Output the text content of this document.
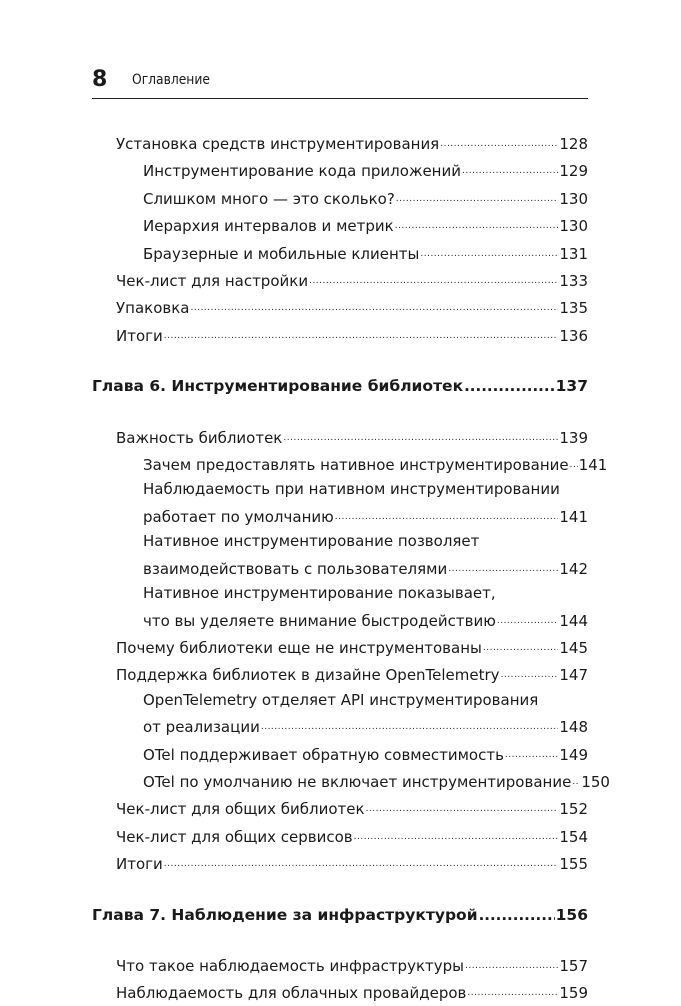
8 Оглавление
Установка средств инструментирования .....	128
Инструментирование кода приложений .....	129
Слишком много — это сколько? .....	130
Иерархия интервалов и метрик .....	130
Браузерные и мобильные клиенты .....	131
Чек-лист для настройки .....	133
Упаковка .....	135
Итоги .....	136
Глава 6. Инструментирование библиотек .....	137
Важность библиотек .....	139
Зачем предоставлять нативное инструментирование ..... 141
Наблюдаемость при нативном инструментировании
работает по умолчанию .....	141
Нативное инструментирование позволяет
взаимодействовать с пользователями .....	142
Нативное инструментирование показывает,
что вы уделяете внимание быстродействию .....	144
Почему библиотеки еще не инструментованы .....	145
Поддержка библиотек в дизайне OpenTelemetry .....	147
OpenTelemetry отделяет API инструментирования
от реализации .....	148
OTel поддерживает обратную совместимость .....	149
OTel по умолчанию не включает инструментирование ..... 150
Чек-лист для общих библиотек .....	152
Чек-лист для общих сервисов .....	154
Итоги .....	155
Глава 7. Наблюдение за инфраструктурой .....	156
Что такое наблюдаемость инфраструктуры .....	157
Наблюдаемость для облачных провайдеров .....	159
